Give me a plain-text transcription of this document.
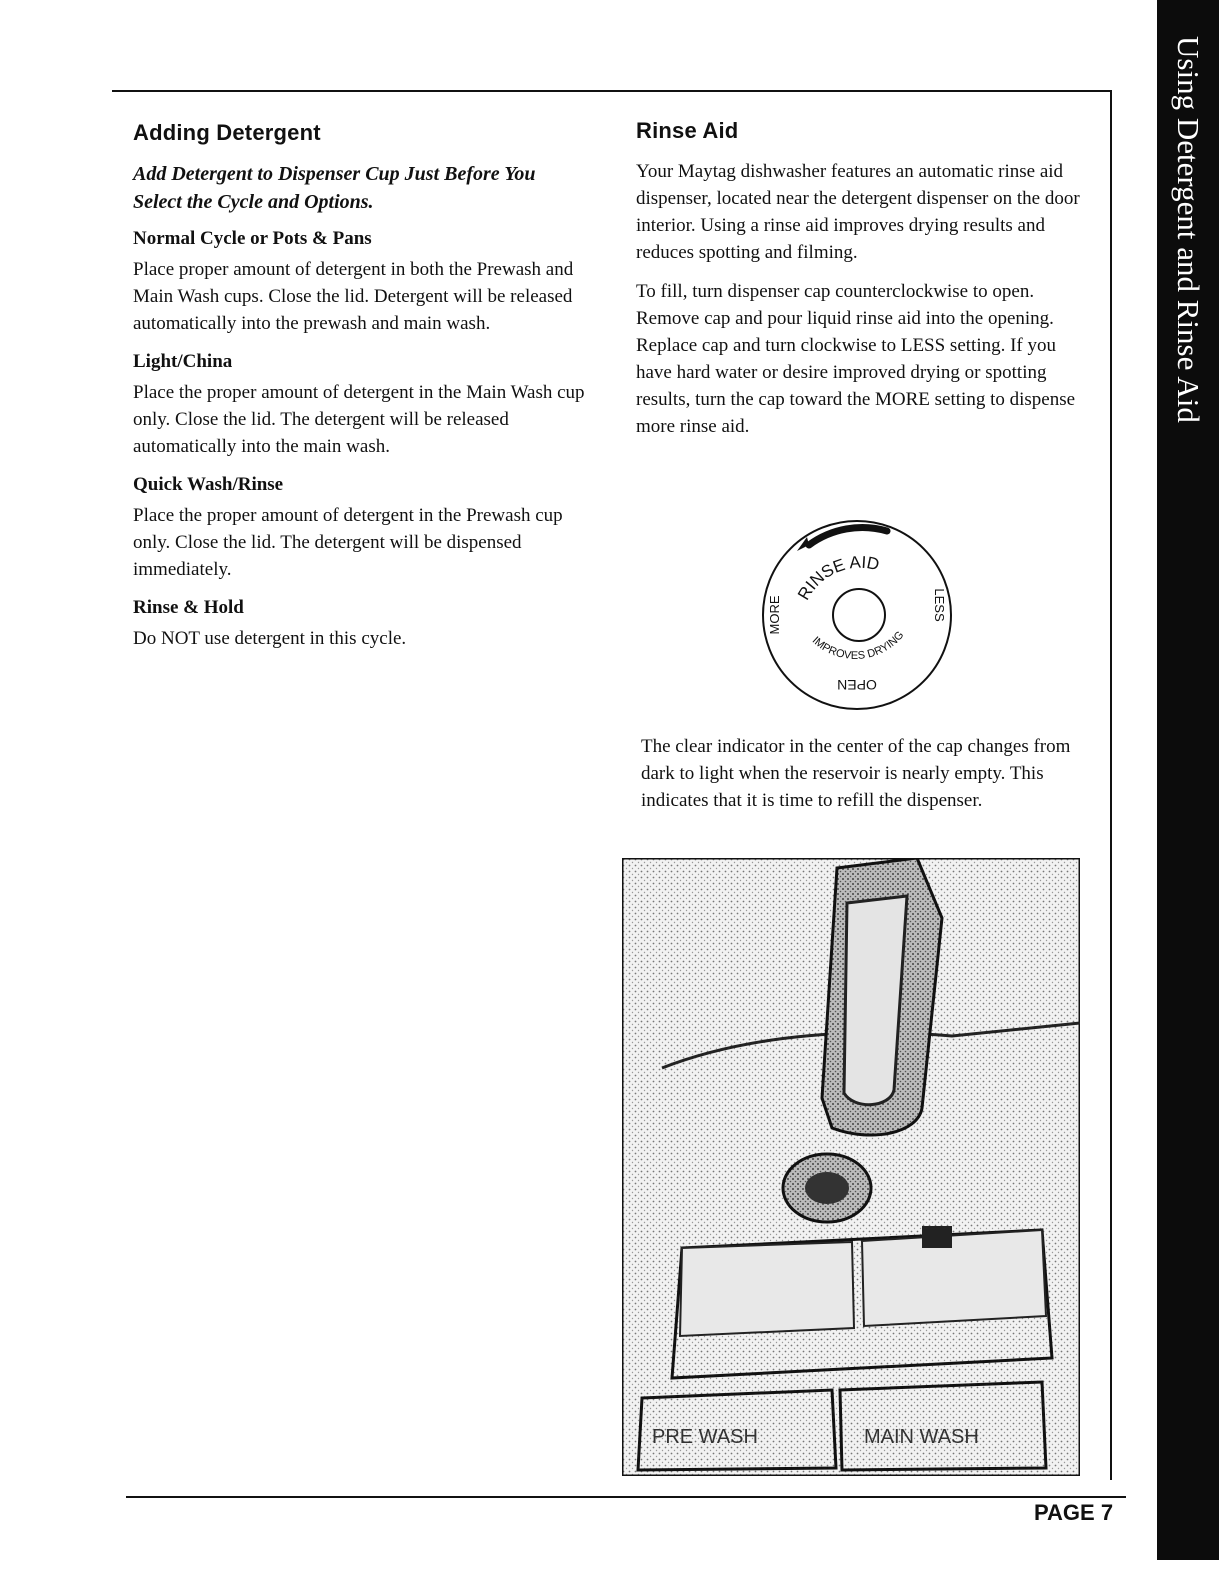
Using Detergent and Rinse Aid
Adding Detergent

Add Detergent to Dispenser Cup Just Before You Select the Cycle and Options.

Normal Cycle or Pots & Pans

Place proper amount of detergent in both the Prewash and Main Wash cups. Close the lid. Detergent will be released automatically into the prewash and main wash.

Light/China

Place the proper amount of detergent in the Main Wash cup only. Close the lid. The detergent will be released automatically into the main wash.

Quick Wash/Rinse

Place the proper amount of detergent in the Prewash cup only. Close the lid. The detergent will be dispensed immediately.

Rinse & Hold

Do NOT use detergent in this cycle.

Rinse Aid

Your Maytag dishwasher features an automatic rinse aid dispenser, located near the detergent dispenser on the door interior. Using a rinse aid improves drying results and reduces spotting and filming.

To fill, turn dispenser cap counterclockwise to open. Remove cap and pour liquid rinse aid into the opening. Replace cap and turn clockwise to LESS setting. If you have hard water or desire improved drying or spotting results, turn the cap toward the MORE setting to dispense more rinse aid.

RINSE AID
IMPROVES DRYING
MORE	LESS
OPEN

The clear indicator in the center of the cap changes from dark to light when the reservoir is nearly empty. This indicates that it is time to refill the dispenser.

PRE WASH	MAIN WASH
PAGE 7
